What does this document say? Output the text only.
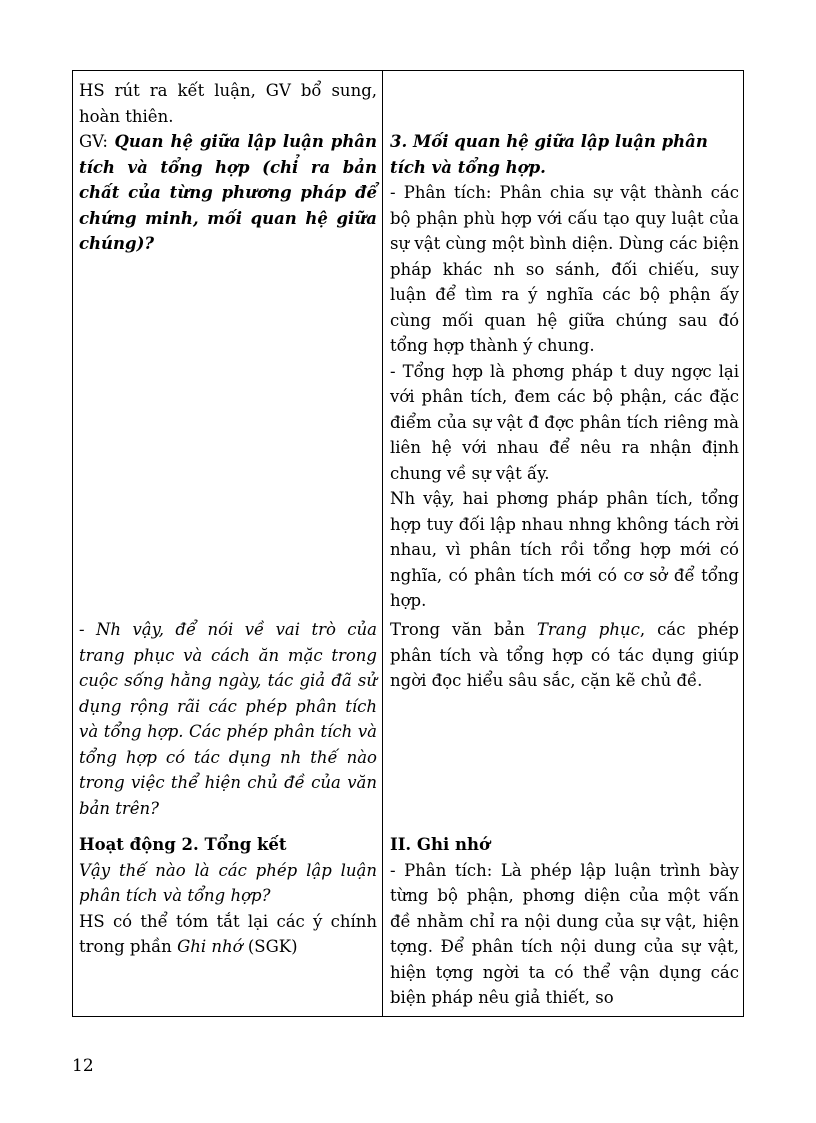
HS rút ra kết luận, GV bổ sung, hoàn thiên.

GV: Quan hệ giữa lập luận phân tích và tổng hợp (chỉ ra bản chất của từng phương pháp để chứng minh, mối quan hệ giữa chúng)?

- Nh vậy, để nói về vai trò của trang phục và cách ăn mặc trong cuộc sống hằng ngày, tác giả đã sử dụng rộng rãi các phép phân tích và tổng hợp. Các phép phân tích và tổng hợp có tác dụng nh thế nào trong việc thể hiện chủ đề của văn bản trên?

Hoạt động 2. Tổng kết

Vậy thế nào là các phép lập luận phân tích và tổng hợp?

HS có thể tóm tắt lại các ý chính trong phần Ghi nhớ (SGK)

3. Mối quan hệ giữa lập luận phân tích và tổng hợp.

- Phân tích: Phân chia sự vật thành các bộ phận phù hợp với cấu tạo quy luật của sự vật cùng một bình diện. Dùng các biện pháp khác nh so sánh, đối chiếu, suy luận để tìm ra ý nghĩa các bộ phận ấy cùng mối quan hệ giữa chúng sau đó tổng hợp thành ý chung.

- Tổng hợp là phơng pháp t duy ngợc lại với phân tích, đem các bộ phận, các đặc điểm của sự vật đ đợc phân tích riêng mà liên hệ với nhau để nêu ra nhận định chung về sự vật ấy.

Nh vậy, hai phơng pháp phân tích, tổng hợp tuy đối lập nhau nhng không tách rời nhau, vì phân tích rồi tổng hợp mới có nghĩa, có phân tích mới có cơ sở để tổng hợp.

Trong văn bản Trang phục, các phép phân tích và tổng hợp có tác dụng giúp ngời đọc hiểu sâu sắc, cặn kẽ chủ đề.

II. Ghi nhớ

- Phân tích: Là phép lập luận trình bày từng bộ phận, phơng diện của một vấn đề nhằm chỉ ra nội dung của sự vật, hiện tợng. Để phân tích nội dung của sự vật, hiện tợng ngời ta có thể vận dụng các biện pháp nêu giả thiết, so

12
